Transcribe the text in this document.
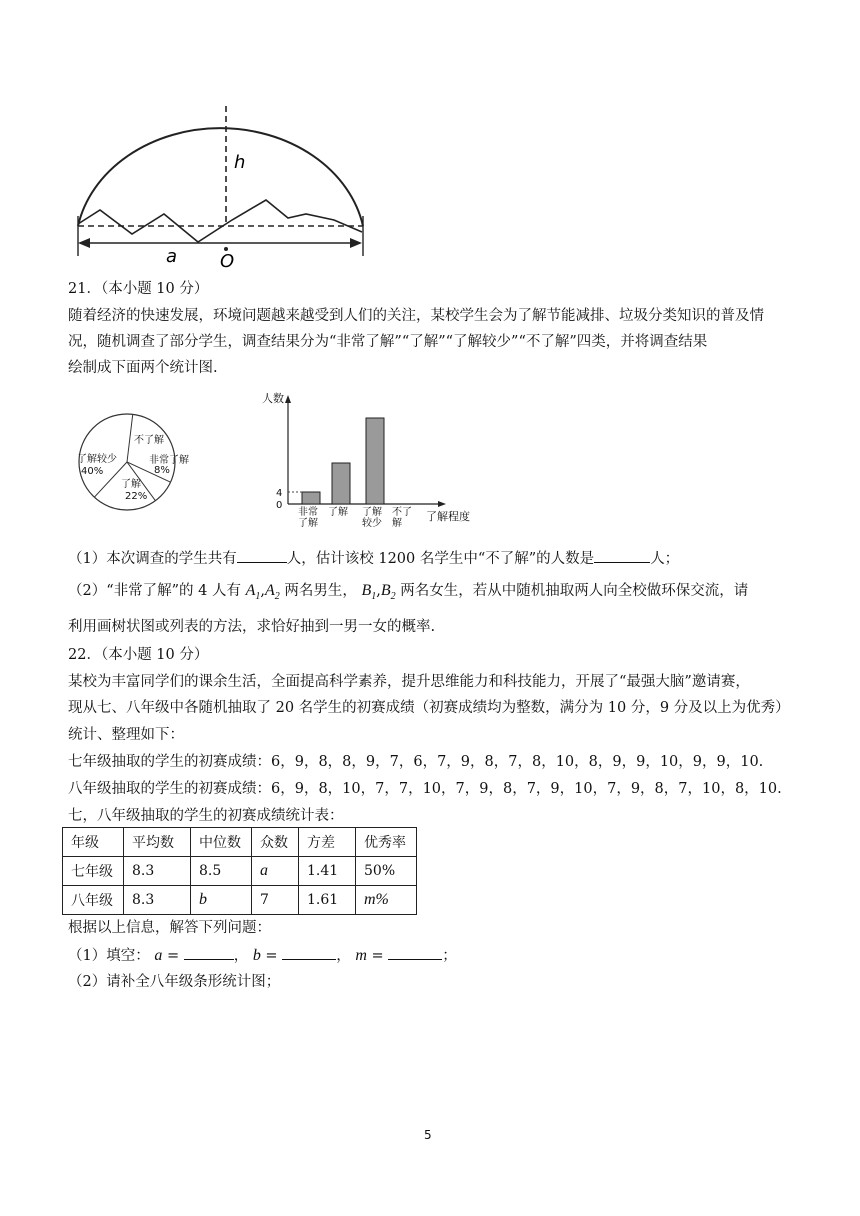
h
a O
21．（本小题 10 分）
随着经济的快速发展，环境问题越来越受到人们的关注，某校学生会为了解节能减排、垃圾分类知识的普及情
况，随机调查了部分学生，调查结果分为“非常了解”“了解”“了解较少”“不了解”四类，并将调查结果
绘制成下面两个统计图.
不了解
非常了解
8%
了解
22%
了解较少
40%
人数
了解程度
非常
了解
了解 了解
较少
不了
解
4
0
（1）本次调查的学生共有	人，估计该校 1200 名学生中“不了解”的人数是	人；
（2）“非常了解”的 4 人有 $A_1,A_2$ 两名男生， $B_1,B_2$ 两名女生，若从中随机抽取两人向全校做环保交流，请
利用画树状图或列表的方法，求恰好抽到一男一女的概率.
22．（本小题 10 分）
某校为丰富同学们的课余生活，全面提高科学素养，提升思维能力和科技能力，开展了“最强大脑”邀请赛，
现从七、八年级中各随机抽取了 20 名学生的初赛成绩（初赛成绩均为整数，满分为 10 分，9 分及以上为优秀）
统计、整理如下：
七年级抽取的学生的初赛成绩：6，9，8，8，9，7，6，7，9，8，7，8，10，8，9，9，10，9，9，10.
八年级抽取的学生的初赛成绩：6，9，8，10，7，7，10，7，9，8，7，9，10，7，9，8，7，10，8，10.
七，八年级抽取的学生的初赛成绩统计表：
年级	平均数	中位数	众数	方差	优秀率
七年级	8.3	8.5	a	1.41	50%
八年级	8.3	b	7	1.61	m%
根据以上信息，解答下列问题：
（1）填空： a =	， b =	， m =	；
（2）请补全八年级条形统计图；
5
